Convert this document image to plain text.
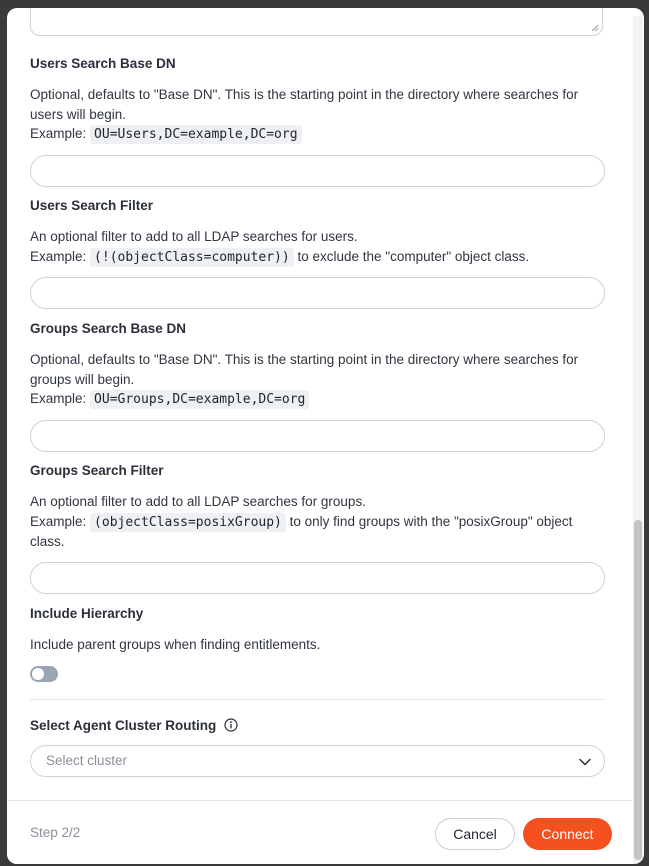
Users Search Base DN
Optional, defaults to "Base DN". This is the starting point in the directory where searches for users will begin.
Example: OU=Users,DC=example,DC=org
Users Search Filter
An optional filter to add to all LDAP searches for users.
Example: (!(objectClass=computer)) to exclude the "computer" object class.
Groups Search Base DN
Optional, defaults to "Base DN". This is the starting point in the directory where searches for groups will begin.
Example: OU=Groups,DC=example,DC=org
Groups Search Filter
An optional filter to add to all LDAP searches for groups.
Example: (objectClass=posixGroup) to only find groups with the "posixGroup" object class.
Include Hierarchy
Include parent groups when finding entitlements.
Select Agent Cluster Routing
Select cluster
Step 2/2	Cancel	Connect
